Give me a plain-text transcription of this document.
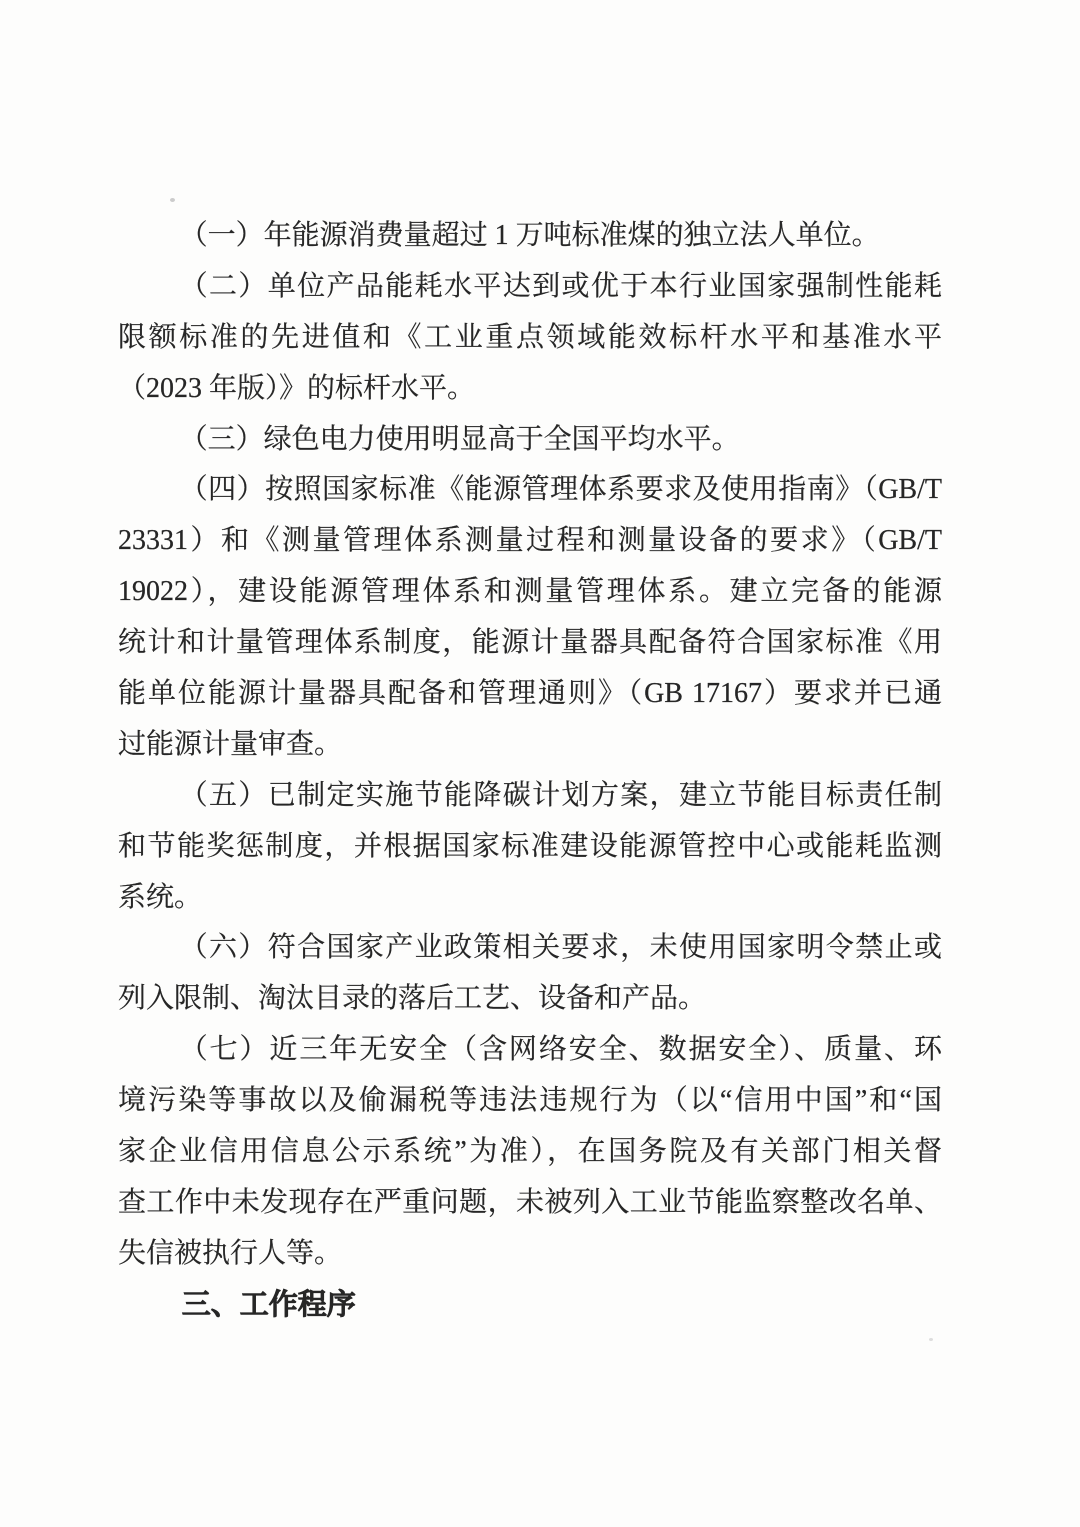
（一）年能源消费量超过 1 万吨标准煤的独立法人单位。
（二）单位产品能耗水平达到或优于本行业国家强制性能耗
限额标准的先进值和《工业重点领域能效标杆水平和基准水平
（2023 年版）》的标杆水平。
（三）绿色电力使用明显高于全国平均水平。
（四）按照国家标准《能源管理体系要求及使用指南》（GB/T
23331）和《测量管理体系测量过程和测量设备的要求》（GB/T
19022），建设能源管理体系和测量管理体系。建立完备的能源
统计和计量管理体系制度，能源计量器具配备符合国家标准《用
能单位能源计量器具配备和管理通则》（GB 17167）要求并已通
过能源计量审查。
（五）已制定实施节能降碳计划方案，建立节能目标责任制
和节能奖惩制度，并根据国家标准建设能源管控中心或能耗监测
系统。
（六）符合国家产业政策相关要求，未使用国家明令禁止或
列入限制、淘汰目录的落后工艺、设备和产品。
（七）近三年无安全（含网络安全、数据安全）、质量、环
境污染等事故以及偷漏税等违法违规行为（以“信用中国”和“国
家企业信用信息公示系统”为准），在国务院及有关部门相关督
查工作中未发现存在严重问题，未被列入工业节能监察整改名单、
失信被执行人等。
三、工作程序
